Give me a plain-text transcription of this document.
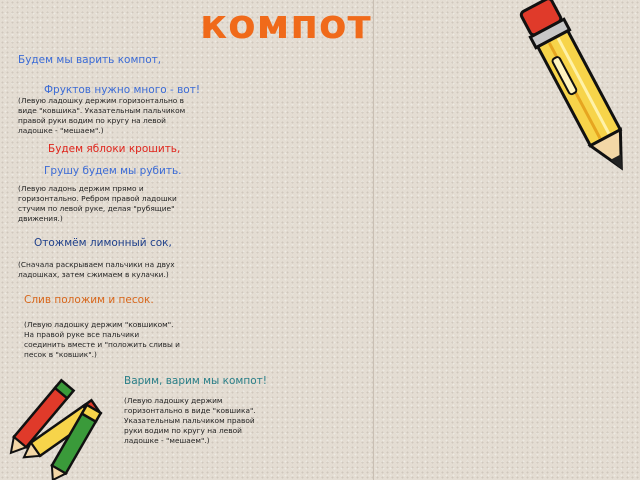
компот

Будем мы варить компот,

Фруктов нужно много - вот!

(Левую ладошку держим горизонтально в
виде "ковшика". Указательным пальчиком
правой руки водим по кругу на левой
ладошке - "мешаем".)

Будем яблоки крошить,

Грушу будем мы рубить.

(Левую ладонь держим прямо и
горизонтально. Ребром правой ладошки
стучим по левой руке, делая "рубящие"
движения.)

Отожмём лимонный сок,

(Сначала раскрываем пальчики на двух
ладошках, затем сжимаем в кулачки.)

Слив положим и песок.

(Левую ладошку держим "ковшиком".
На правой руке все пальчики
соединить вместе и "положить сливы и
песок в "ковшик".)

Варим, варим мы компот!

(Левую ладошку держим
горизонтально в виде "ковшика".
Указательным пальчиком правой
руки водим по кругу на левой
ладошке - "мешаем".)
